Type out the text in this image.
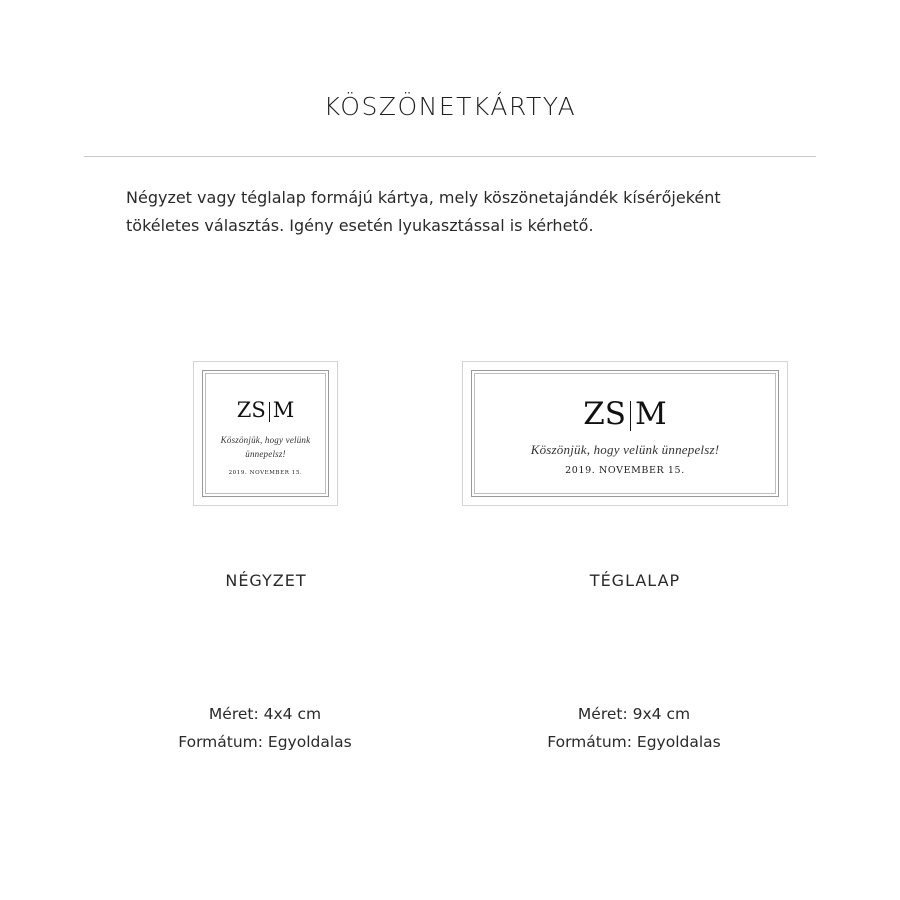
KÖSZÖNETKÁRTYA
Négyzet vagy téglalap formájú kártya, mely köszönetajándék kísérőjeként tökéletes választás. Igény esetén lyukasztással is kérhető.
ZS M
Köszönjük, hogy velünk
ünnepelsz!
2019. NOVEMBER 15.
ZS M
Köszönjük, hogy velünk ünnepelsz!
2019. NOVEMBER 15.
NÉGYZET	TÉGLALAP
Méret: 4x4 cm
Formátum: Egyoldalas
Méret: 9x4 cm
Formátum: Egyoldalas
